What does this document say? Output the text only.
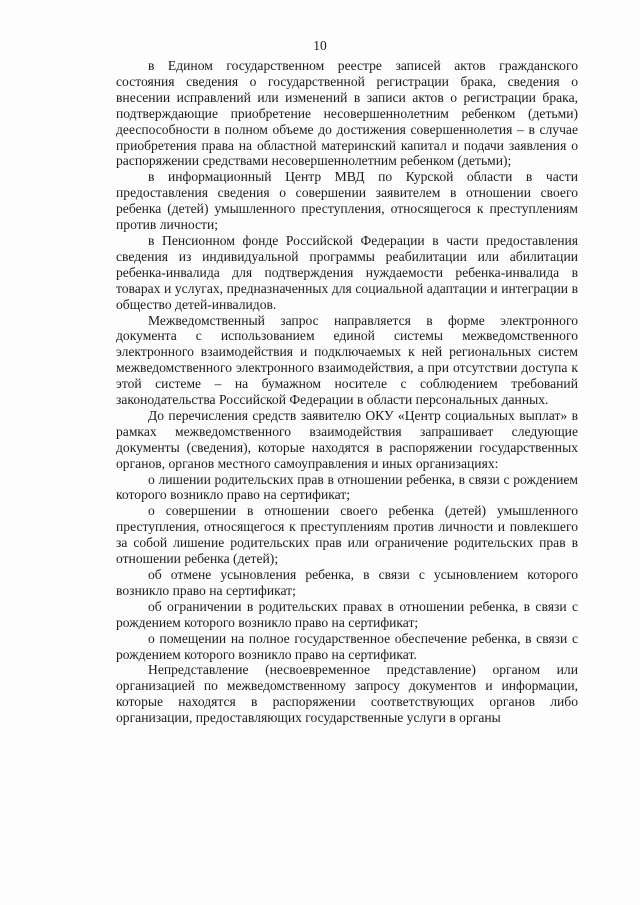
10

в Едином государственном реестре записей актов гражданского состояния сведения о государственной регистрации брака, сведения о внесении исправлений или изменений в записи актов о регистрации брака, подтверждающие приобретение несовершеннолетним ребенком (детьми) дееспособности в полном объеме до достижения совершеннолетия – в случае приобретения права на областной материнский капитал и подачи заявления о распоряжении средствами несовершеннолетним ребенком (детьми);

в информационный Центр МВД по Курской области в части предоставления сведения о совершении заявителем в отношении своего ребенка (детей) умышленного преступления, относящегося к преступлениям против личности;

в Пенсионном фонде Российской Федерации в части предоставления сведения из индивидуальной программы реабилитации или абилитации ребенка-инвалида для подтверждения нуждаемости ребенка-инвалида в товарах и услугах, предназначенных для социальной адаптации и интеграции в общество детей-инвалидов.

Межведомственный запрос направляется в форме электронного документа с использованием единой системы межведомственного электронного взаимодействия и подключаемых к ней региональных систем межведомственного электронного взаимодействия, а при отсутствии доступа к этой системе – на бумажном носителе с соблюдением требований законодательства Российской Федерации в области персональных данных.

До перечисления средств заявителю ОКУ «Центр социальных выплат» в рамках межведомственного взаимодействия запрашивает следующие документы (сведения), которые находятся в распоряжении государственных органов, органов местного самоуправления и иных организациях:

о лишении родительских прав в отношении ребенка, в связи с рождением которого возникло право на сертификат;

о совершении в отношении своего ребенка (детей) умышленного преступления, относящегося к преступлениям против личности и повлекшего за собой лишение родительских прав или ограничение родительских прав в отношении ребенка (детей);

об отмене усыновления ребенка, в связи с усыновлением которого возникло право на сертификат;

об ограничении в родительских правах в отношении ребенка, в связи с рождением которого возникло право на сертификат;

о помещении на полное государственное обеспечение ребенка, в связи с рождением которого возникло право на сертификат.

Непредставление (несвоевременное представление) органом или организацией по межведомственному запросу документов и информации, которые находятся в распоряжении соответствующих органов либо организации, предоставляющих государственные услуги в органы
